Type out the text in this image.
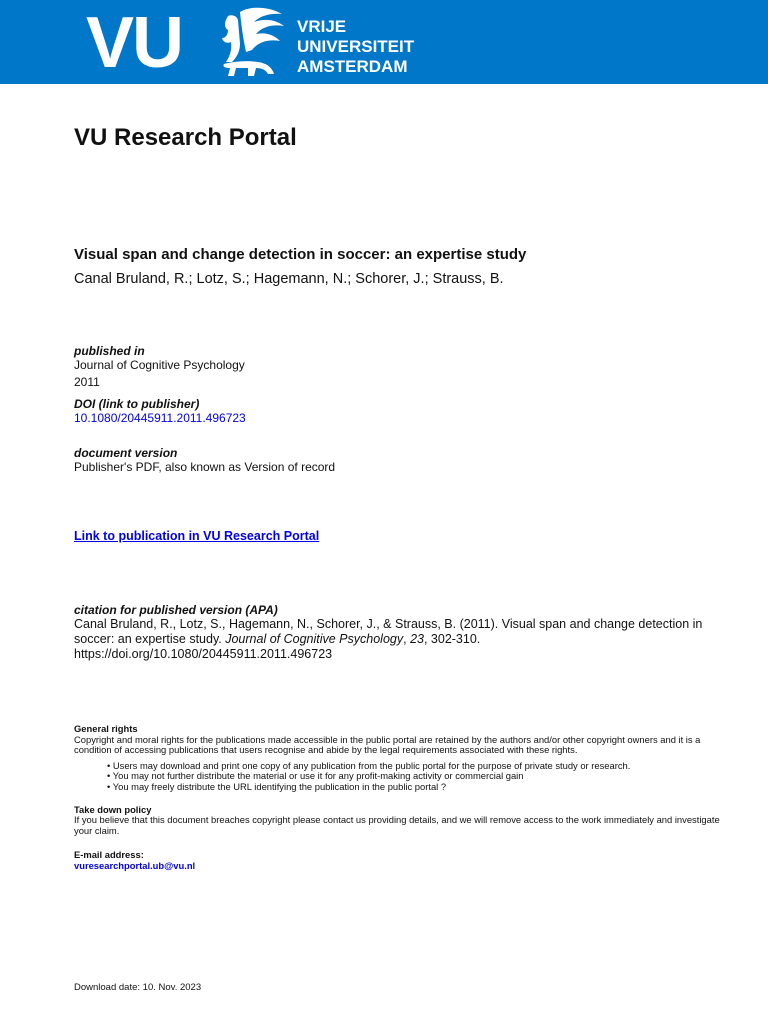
VU	VRIJE
UNIVERSITEIT
AMSTERDAM
VU Research Portal
Visual span and change detection in soccer: an expertise study
Canal Bruland, R.; Lotz, S.; Hagemann, N.; Schorer, J.; Strauss, B.
published in
Journal of Cognitive Psychology
2011
DOI (link to publisher)
10.1080/20445911.2011.496723
document version
Publisher's PDF, also known as Version of record
Link to publication in VU Research Portal
citation for published version (APA)
Canal Bruland, R., Lotz, S., Hagemann, N., Schorer, J., & Strauss, B. (2011). Visual span and change detection in soccer: an expertise study. Journal of Cognitive Psychology, 23, 302-310.
https://doi.org/10.1080/20445911.2011.496723
General rights
Copyright and moral rights for the publications made accessible in the public portal are retained by the authors and/or other copyright owners and it is a condition of accessing publications that users recognise and abide by the legal requirements associated with these rights.
• Users may download and print one copy of any publication from the public portal for the purpose of private study or research.
• You may not further distribute the material or use it for any profit-making activity or commercial gain
• You may freely distribute the URL identifying the publication in the public portal ?
Take down policy
If you believe that this document breaches copyright please contact us providing details, and we will remove access to the work immediately and investigate your claim.
E-mail address:
vuresearchportal.ub@vu.nl
Download date: 10. Nov. 2023
